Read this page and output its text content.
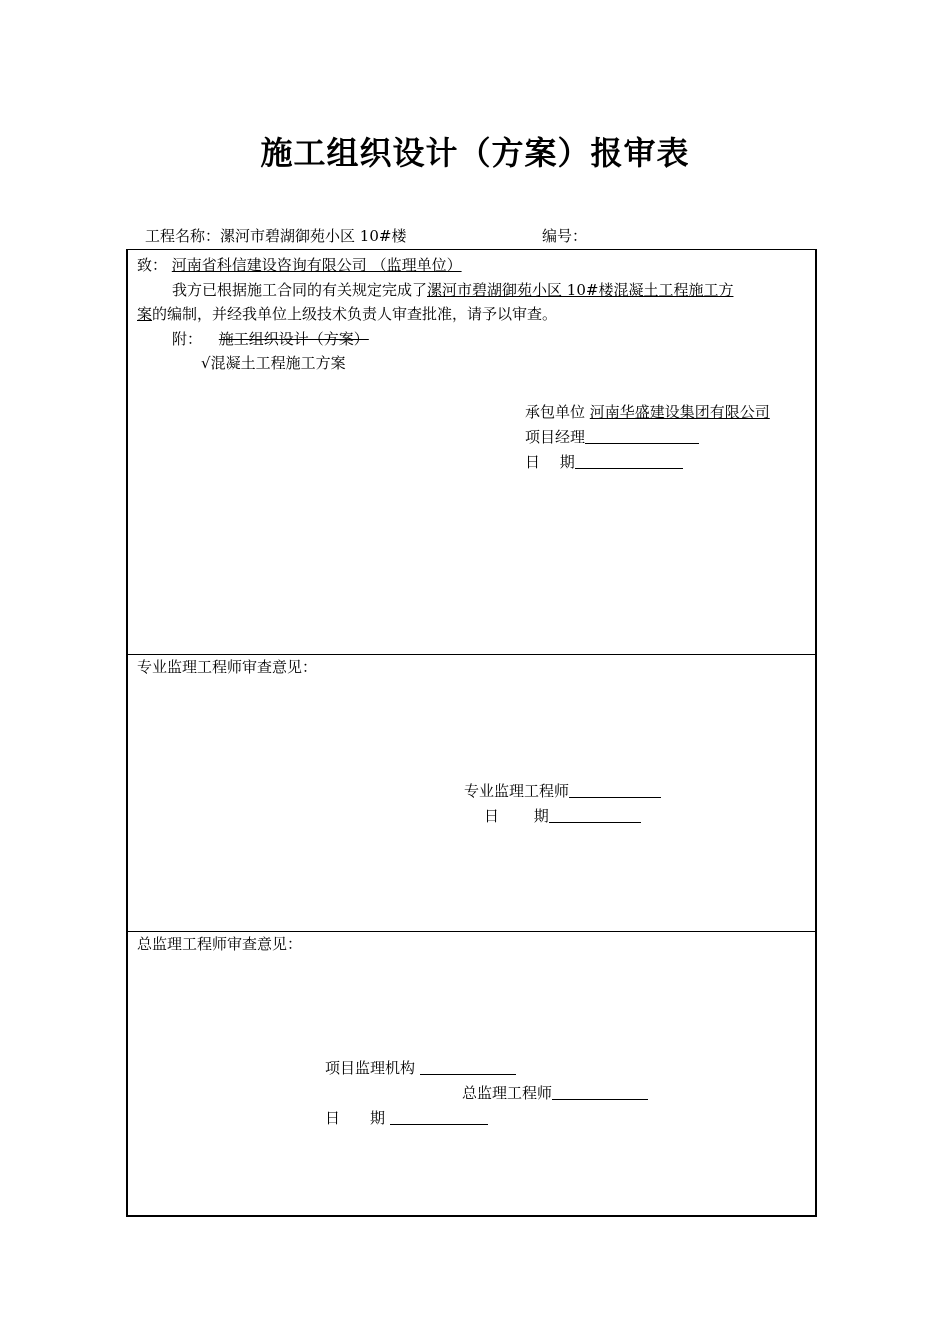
施工组织设计（方案）报审表
工程名称：漯河市碧湖御苑小区 10#楼	编号：
致： 河南省科信建设咨询有限公司 （监理单位）
我方已根据施工合同的有关规定完成了漯河市碧湖御苑小区 10#楼混凝土工程施工方
案的编制，并经我单位上级技术负责人审查批准，请予以审查。
附： 施工组织设计（方案）
√混凝土工程施工方案
承包单位 河南华盛建设集团有限公司
项目经理
日　 期
专业监理工程师审查意见：
专业监理工程师
日　　 期
总监理工程师审查意见：
项目监理机构
总监理工程师
日　　期
